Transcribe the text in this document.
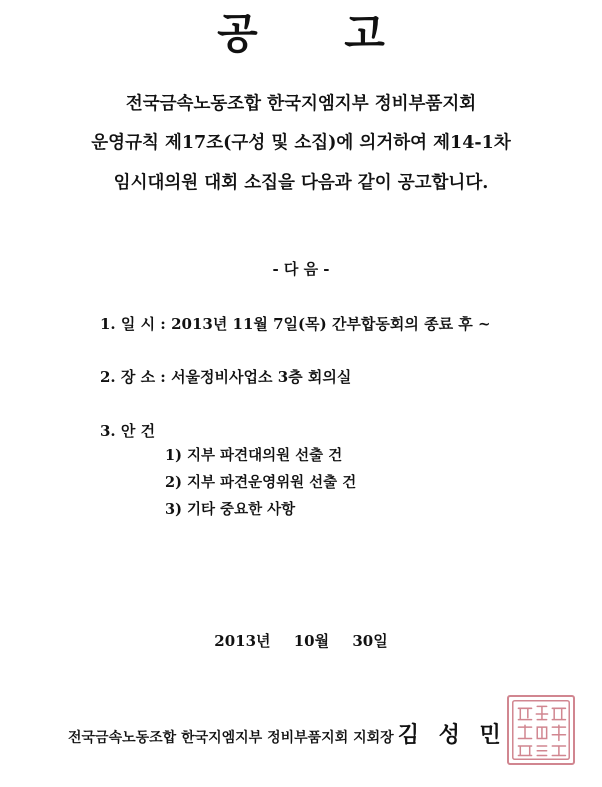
공 고
전국금속노동조합 한국지엠지부 정비부품지회
운영규칙 제17조(구성 및 소집)에 의거하여 제14-1차
임시대의원 대회 소집을 다음과 같이 공고합니다.
- 다 음 -
1. 일 시 : 2013년 11월 7일(목) 간부합동회의 종료 후 ~
2. 장 소 : 서울정비사업소 3층 회의실
3. 안 건
1) 지부 파견대의원 선출 건
2) 지부 파견운영위원 선출 건
3) 기타 중요한 사항
2013년 10월 30일
전국금속노동조합 한국지엠지부 정비부품지회 지회장 김 성 민
